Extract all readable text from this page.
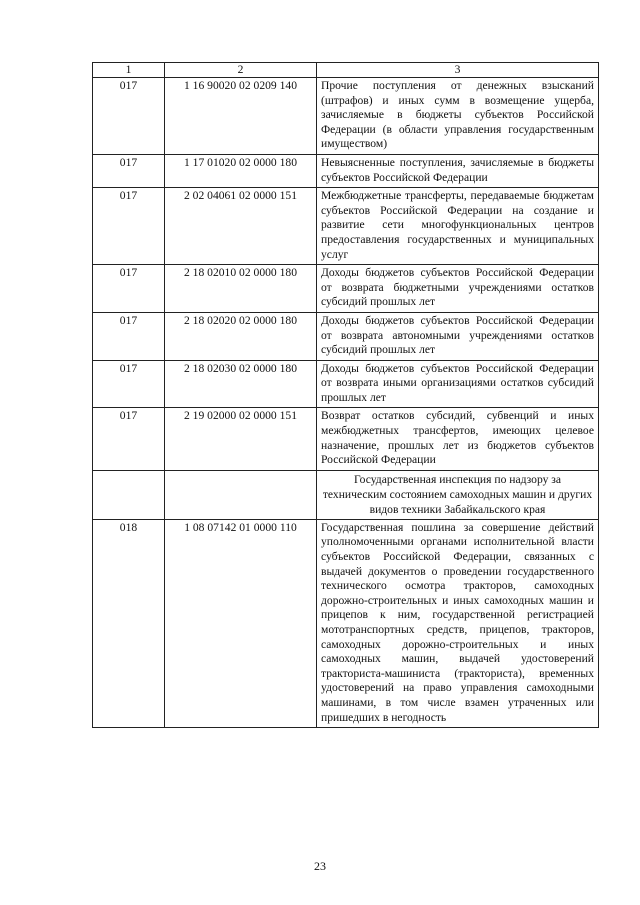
1	2	3
017	1 16 90020 02 0209 140	Прочие поступления от денежных взысканий (штрафов) и иных сумм в возмещение ущерба, зачисляемые в бюджеты субъектов Российской Федерации (в области управления государственным имуществом)
017	1 17 01020 02 0000 180	Невыясненные поступления, зачисляемые в бюджеты субъектов Российской Федерации
017	2 02 04061 02 0000 151	Межбюджетные трансферты, передаваемые бюджетам субъектов Российской Федерации на создание и развитие сети многофункциональных центров предоставления государственных и муниципальных услуг
017	2 18 02010 02 0000 180	Доходы бюджетов субъектов Российской Федерации от возврата бюджетными учреждениями остатков субсидий прошлых лет
017	2 18 02020 02 0000 180	Доходы бюджетов субъектов Российской Федерации от возврата автономными учреждениями остатков субсидий прошлых лет
017	2 18 02030 02 0000 180	Доходы бюджетов субъектов Российской Федерации от возврата иными организациями остатков субсидий прошлых лет
017	2 19 02000 02 0000 151	Возврат остатков субсидий, субвенций и иных межбюджетных трансфертов, имеющих целевое назначение, прошлых лет из бюджетов субъектов Российской Федерации
		Государственная инспекция по надзору за техническим состоянием самоходных машин и других видов техники Забайкальского края
018	1 08 07142 01 0000 110	Государственная пошлина за совершение действий уполномоченными органами исполнительной власти субъектов Российской Федерации, связанных с выдачей документов о проведении государственного технического осмотра тракторов, самоходных дорожно-строительных и иных самоходных машин и прицепов к ним, государственной регистрацией мототранспортных средств, прицепов, тракторов, самоходных дорожно-строительных и иных самоходных машин, выдачей удостоверений тракториста-машиниста (тракториста), временных удостоверений на право управления самоходными машинами, в том числе взамен утраченных или пришедших в негодность
23
